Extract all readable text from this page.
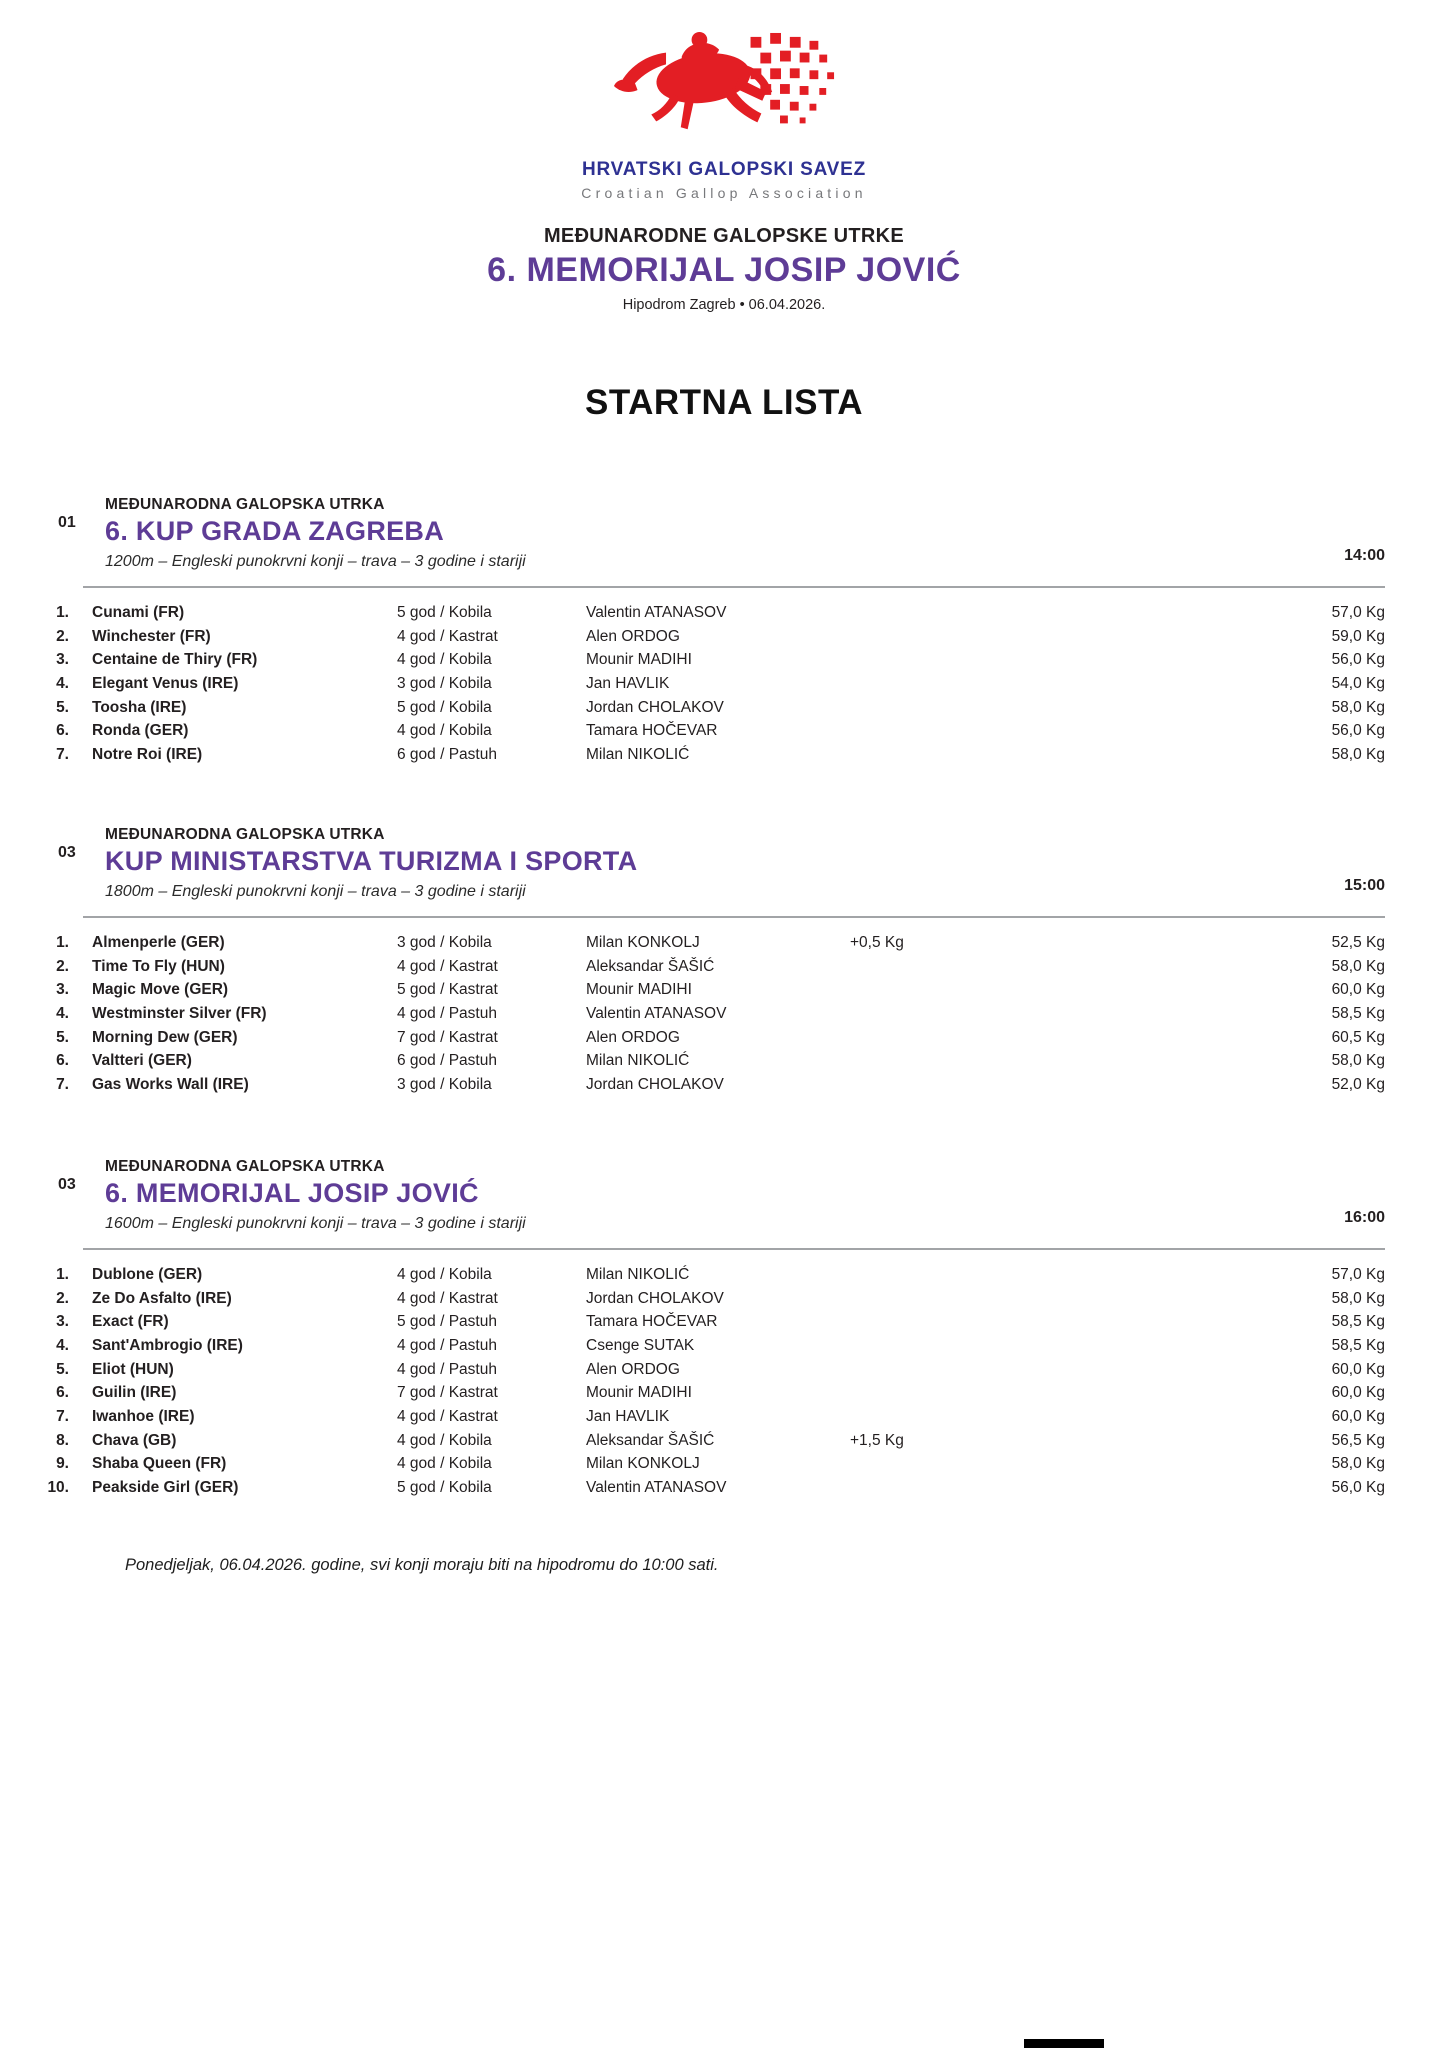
HRVATSKI GALOPSKI SAVEZ
Croatian Gallop Association
MEĐUNARODNE GALOPSKE UTRKE
6. MEMORIJAL JOSIP JOVIĆ
Hipodrom Zagreb • 06.04.2026.
STARTNA LISTA
01
MEĐUNARODNA GALOPSKA UTRKA
6. KUP GRADA ZAGREBA
1200m – Engleski punokrvni konji – trava – 3 godine i stariji	14:00
1.	Cunami (FR)	5 god / Kobila	Valentin ATANASOV	57,0 Kg
2.	Winchester (FR)	4 god / Kastrat	Alen ORDOG	59,0 Kg
3.	Centaine de Thiry (FR)	4 god / Kobila	Mounir MADIHI	56,0 Kg
4.	Elegant Venus (IRE)	3 god / Kobila	Jan HAVLIK	54,0 Kg
5.	Toosha (IRE)	5 god / Kobila	Jordan CHOLAKOV	58,0 Kg
6.	Ronda (GER)	4 god / Kobila	Tamara HOČEVAR	56,0 Kg
7.	Notre Roi (IRE)	6 god / Pastuh	Milan NIKOLIĆ	58,0 Kg
03
MEĐUNARODNA GALOPSKA UTRKA
KUP MINISTARSTVA TURIZMA I SPORTA
1800m – Engleski punokrvni konji – trava – 3 godine i stariji	15:00
1.	Almenperle (GER)	3 god / Kobila	Milan KONKOLJ	+0,5 Kg	52,5 Kg
2.	Time To Fly (HUN)	4 god / Kastrat	Aleksandar ŠAŠIĆ	58,0 Kg
3.	Magic Move (GER)	5 god / Kastrat	Mounir MADIHI	60,0 Kg
4.	Westminster Silver (FR)	4 god / Pastuh	Valentin ATANASOV	58,5 Kg
5.	Morning Dew (GER)	7 god / Kastrat	Alen ORDOG	60,5 Kg
6.	Valtteri (GER)	6 god / Pastuh	Milan NIKOLIĆ	58,0 Kg
7.	Gas Works Wall (IRE)	3 god / Kobila	Jordan CHOLAKOV	52,0 Kg
03
MEĐUNARODNA GALOPSKA UTRKA
6. MEMORIJAL JOSIP JOVIĆ
1600m – Engleski punokrvni konji – trava – 3 godine i stariji	16:00
1.	Dublone (GER)	4 god / Kobila	Milan NIKOLIĆ	57,0 Kg
2.	Ze Do Asfalto (IRE)	4 god / Kastrat	Jordan CHOLAKOV	58,0 Kg
3.	Exact (FR)	5 god / Pastuh	Tamara HOČEVAR	58,5 Kg
4.	Sant'Ambrogio (IRE)	4 god / Pastuh	Csenge SUTAK	58,5 Kg
5.	Eliot (HUN)	4 god / Pastuh	Alen ORDOG	60,0 Kg
6.	Guilin (IRE)	7 god / Kastrat	Mounir MADIHI	60,0 Kg
7.	Iwanhoe (IRE)	4 god / Kastrat	Jan HAVLIK	60,0 Kg
8.	Chava (GB)	4 god / Kobila	Aleksandar ŠAŠIĆ	+1,5 Kg	56,5 Kg
9.	Shaba Queen (FR)	4 god / Kobila	Milan KONKOLJ	58,0 Kg
10.	Peakside Girl (GER)	5 god / Kobila	Valentin ATANASOV	56,0 Kg
Ponedjeljak, 06.04.2026. godine, svi konji moraju biti na hipodromu do 10:00 sati.
